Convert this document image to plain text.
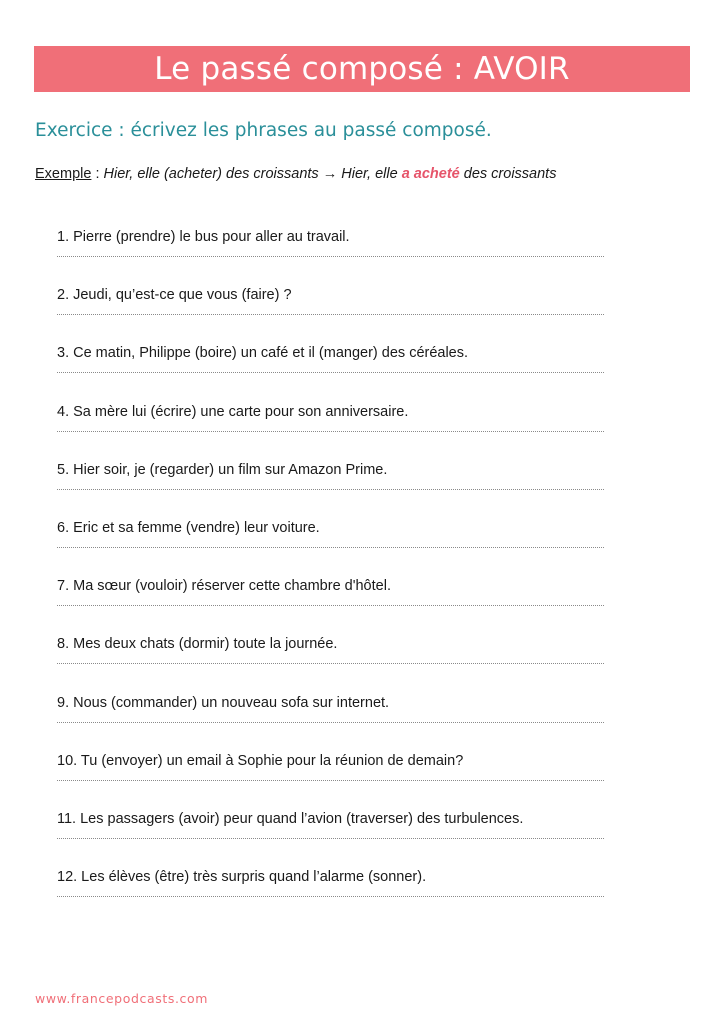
Le passé composé : AVOIR
Exercice : écrivez les phrases au passé composé.
Exemple : Hier, elle (acheter) des croissants → Hier, elle a acheté des croissants
1. Pierre (prendre) le bus pour aller au travail.
2. Jeudi, qu’est-ce que vous (faire) ?
3. Ce matin, Philippe (boire) un café et il (manger) des céréales.
4. Sa mère lui (écrire) une carte pour son anniversaire.
5. Hier soir, je (regarder) un film sur Amazon Prime.
6. Eric et sa femme (vendre) leur voiture.
7. Ma sœur (vouloir) réserver cette chambre d'hôtel.
8. Mes deux chats (dormir) toute la journée.
9. Nous (commander) un nouveau sofa sur internet.
10. Tu (envoyer) un email à Sophie pour la réunion de demain?
11. Les passagers (avoir) peur quand l’avion (traverser) des turbulences.
12. Les élèves (être) très surpris quand l’alarme (sonner).
www.francepodcasts.com
